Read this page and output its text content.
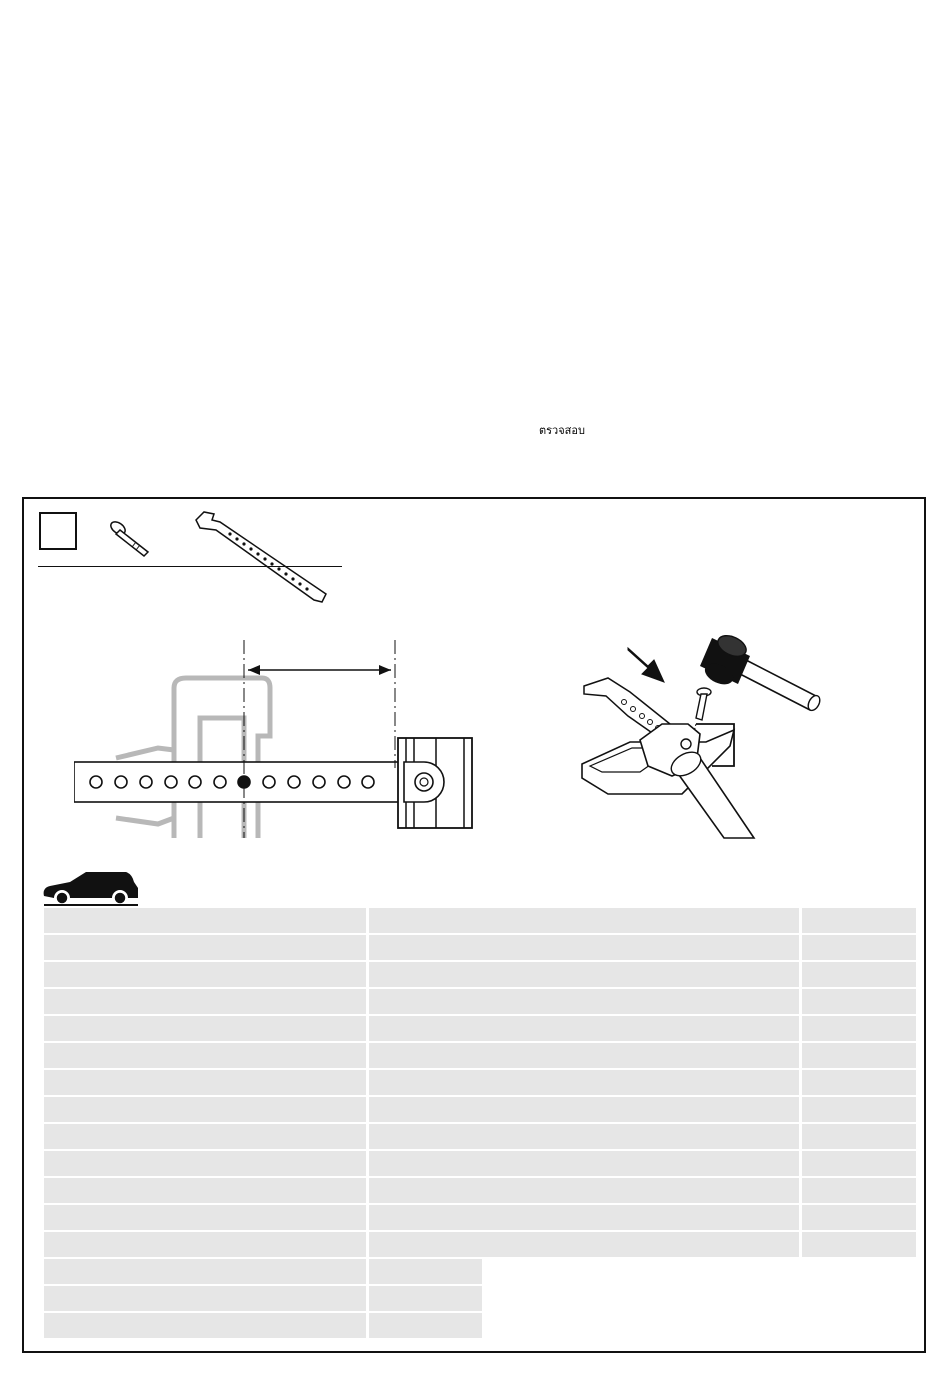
ตรวจสอบ
